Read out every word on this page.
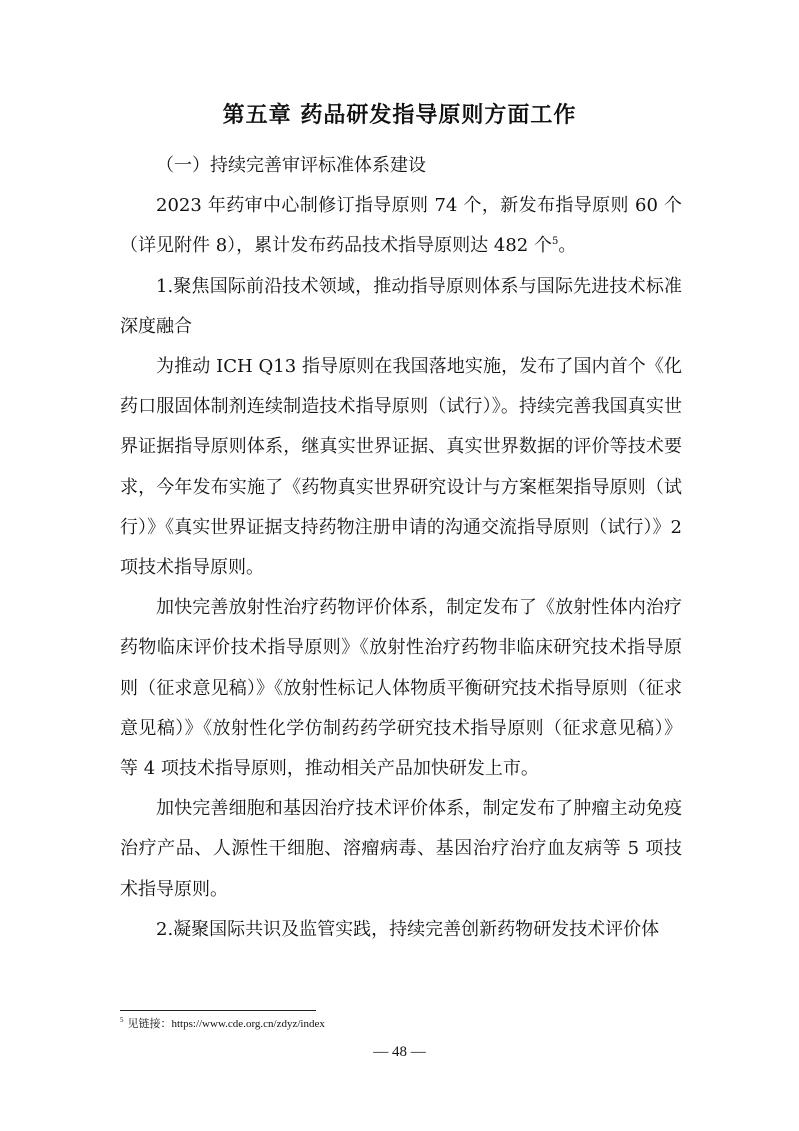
第五章 药品研发指导原则方面工作

（一）持续完善审评标准体系建设

2023 年药审中心制修订指导原则 74 个，新发布指导原则 60 个（详见附件 8），累计发布药品技术指导原则达 482 个$^5$。

1.聚焦国际前沿技术领域，推动指导原则体系与国际先进技术标准深度融合

为推动 ICH Q13 指导原则在我国落地实施，发布了国内首个《化药口服固体制剂连续制造技术指导原则（试行）》。持续完善我国真实世界证据指导原则体系，继真实世界证据、真实世界数据的评价等技术要求，今年发布实施了《药物真实世界研究设计与方案框架指导原则（试行）》《真实世界证据支持药物注册申请的沟通交流指导原则（试行）》2 项技术指导原则。

加快完善放射性治疗药物评价体系，制定发布了《放射性体内治疗药物临床评价技术指导原则》《放射性治疗药物非临床研究技术指导原则（征求意见稿）》《放射性标记人体物质平衡研究技术指导原则（征求意见稿）》《放射性化学仿制药药学研究技术指导原则（征求意见稿）》等 4 项技术指导原则，推动相关产品加快研发上市。

加快完善细胞和基因治疗技术评价体系，制定发布了肿瘤主动免疫治疗产品、人源性干细胞、溶瘤病毒、基因治疗治疗血友病等 5 项技术指导原则。

2.凝聚国际共识及监管实践，持续完善创新药物研发技术评价体

$^5$ 见链接：https://www.cde.org.cn/zdyz/index
— 48 —
